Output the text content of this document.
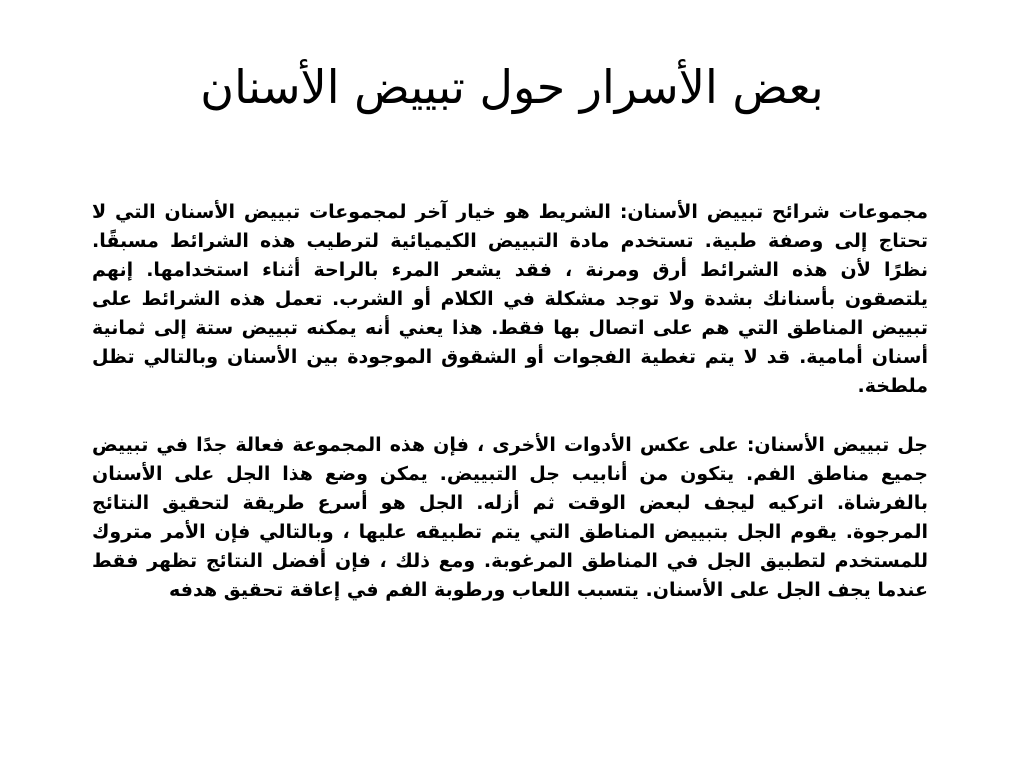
بعض الأسرار حول تبييض الأسنان

مجموعات شرائح تبييض الأسنان: الشريط هو خيار آخر لمجموعات تبييض الأسنان التي لا تحتاج إلى وصفة طبية. تستخدم مادة التبييض الكيميائية لترطيب هذه الشرائط مسبقًا. نظرًا لأن هذه الشرائط أرق ومرنة ، فقد يشعر المرء بالراحة أثناء استخدامها. إنهم يلتصقون بأسنانك بشدة ولا توجد مشكلة في الكلام أو الشرب. تعمل هذه الشرائط على تبييض المناطق التي هم على اتصال بها فقط. هذا يعني أنه يمكنه تبييض ستة إلى ثمانية أسنان أمامية. قد لا يتم تغطية الفجوات أو الشقوق الموجودة بين الأسنان وبالتالي تظل ملطخة.

جل تبييض الأسنان: على عكس الأدوات الأخرى ، فإن هذه المجموعة فعالة جدًا في تبييض جميع مناطق الفم. يتكون من أنابيب جل التبييض. يمكن وضع هذا الجل على الأسنان بالفرشاة. اتركيه ليجف لبعض الوقت ثم أزله. الجل هو أسرع طريقة لتحقيق النتائج المرجوة. يقوم الجل بتبييض المناطق التي يتم تطبيقه عليها ، وبالتالي فإن الأمر متروك للمستخدم لتطبيق الجل في المناطق المرغوبة. ومع ذلك ، فإن أفضل النتائج تظهر فقط عندما يجف الجل على الأسنان. يتسبب اللعاب ورطوبة الفم في إعاقة تحقيق هدفه
